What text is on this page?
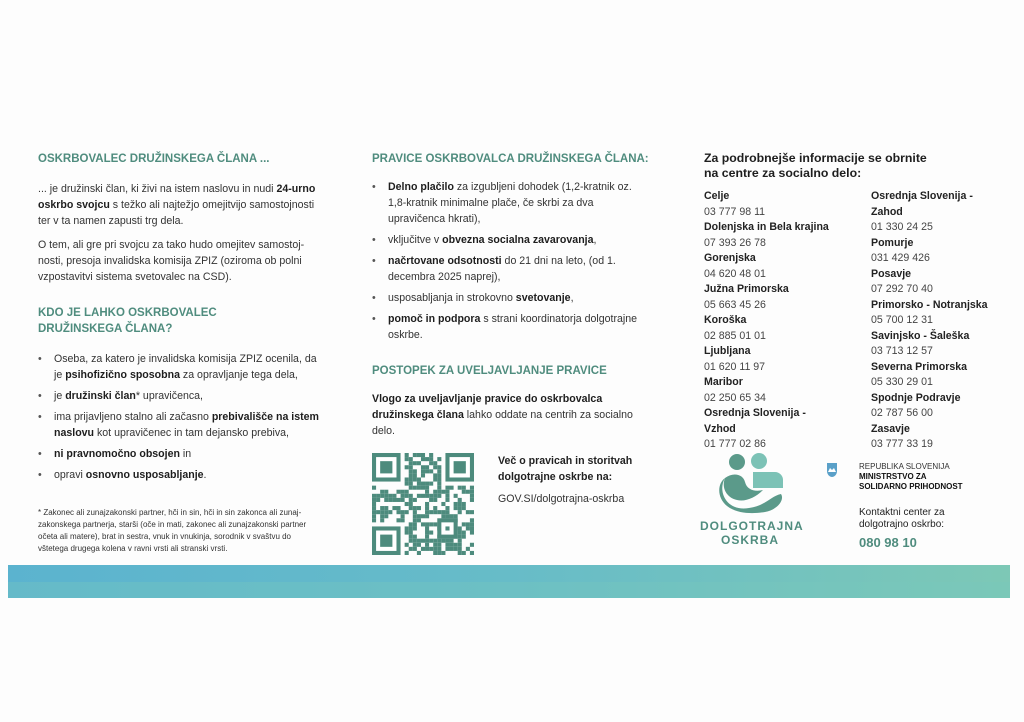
OSKRBOVALEC DRUŽINSKEGA ČLANA ...

... je družinski član, ki živi na istem naslovu in nudi 24-urno oskrbo svojcu s težko ali najtežjo omejitvijo samostojnosti ter v ta namen zapusti trg dela.

O tem, ali gre pri svojcu za tako hudo omejitev samostoj-nosti, presoja invalidska komisija ZPIZ (oziroma ob polni vzpostavitvi sistema svetovalec na CSD).

KDO JE LAHKO OSKRBOVALEC DRUŽINSKEGA ČLANA?
• Oseba, za katero je invalidska komisija ZPIZ ocenila, da je psihofizično sposobna za opravljanje tega dela,
• je družinski član* upravičenca,
• ima prijavljeno stalno ali začasno prebivališče na istem naslovu kot upravičenec in tam dejansko prebiva,
• ni pravnomočno obsojen in
• opravi osnovno usposabljanje.
* Zakonec ali zunajzakonski partner, hči in sin, hči in sin zakonca ali zunaj-zakonskega partnerja, starši (oče in mati, zakonec ali zunajzakonski partner očeta ali matere), brat in sestra, vnuk in vnukinja, sorodnik v svaštvu do vštetega drugega kolena v ravni vrsti ali stranski vrsti.
PRAVICE OSKRBOVALCA DRUŽINSKEGA ČLANA:
• Delno plačilo za izgubljeni dohodek (1,2-kratnik oz. 1,8-kratnik minimalne plače, če skrbi za dva upravičenca hkrati),
• vključitve v obvezna socialna zavarovanja,
• načrtovane odsotnosti do 21 dni na leto, (od 1. decembra 2025 naprej),
• usposabljanja in strokovno svetovanje,
• pomoč in podpora s strani koordinatorja dolgotrajne oskrbe.
POSTOPEK ZA UVELJAVLJANJE PRAVICE

Vlogo za uveljavljanje pravice do oskrbovalca družinskega člana lahko oddate na centrih za socialno delo.

Več o pravicah in storitvah dolgotrajne oskrbe na:
GOV.SI/dolgotrajna-oskrba
Za podrobnejše informacije se obrnite na centre za socialno delo:
Celje
03 777 98 11
Dolenjska in Bela krajina
07 393 26 78
Gorenjska
04 620 48 01
Južna Primorska
05 663 45 26
Koroška
02 885 01 01
Ljubljana
01 620 11 97
Maribor
02 250 65 34
Osrednja Slovenija - Vzhod
01 777 02 86
Osrednja Slovenija - Zahod
01 330 24 25
Pomurje
031 429 426
Posavje
07 292 70 40
Primorsko - Notranjska
05 700 12 31
Savinjsko - Šaleška
03 713 12 57
Severna Primorska
05 330 29 01
Spodnje Podravje
02 787 56 00
Zasavje
03 777 33 19
DOLGOTRAJNA
OSKRBA
REPUBLIKA SLOVENIJA
MINISTRSTVO ZA
SOLIDARNO PRIHODNOST
Kontaktni center za dolgotrajno oskrbo:
080 98 10
